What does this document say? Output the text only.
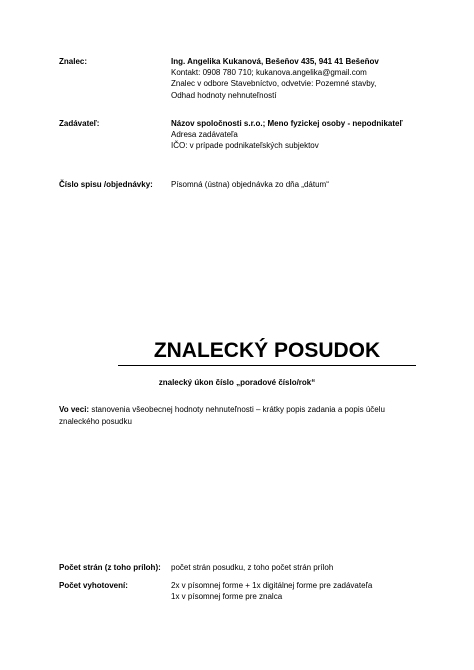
Znalec:	Ing. Angelika Kukanová, Bešeňov 435, 941 41 Bešeňov
Kontakt: 0908 780 710; kukanova.angelika@gmail.com
Znalec v odbore Stavebníctvo, odvetvie: Pozemné stavby,
Odhad hodnoty nehnuteľností
Zadávateľ:	Názov spoločnosti s.r.o.; Meno fyzickej osoby - nepodnikateľ
Adresa zadávateľa
IČO: v prípade podnikateľských subjektov
Číslo spisu /objednávky: Písomná (ústna) objednávka zo dňa „dátum“
ZNALECKÝ POSUDOK
znalecký úkon číslo „poradové číslo/rok“
Vo veci: stanovenia všeobecnej hodnoty nehnuteľnosti – krátky popis zadania a popis účelu znaleckého posudku
Počet strán (z toho príloh): počet strán posudku, z toho počet strán príloh
Počet vyhotovení:	2x v písomnej forme + 1x digitálnej forme pre zadávateľa
1x v písomnej forme pre znalca
